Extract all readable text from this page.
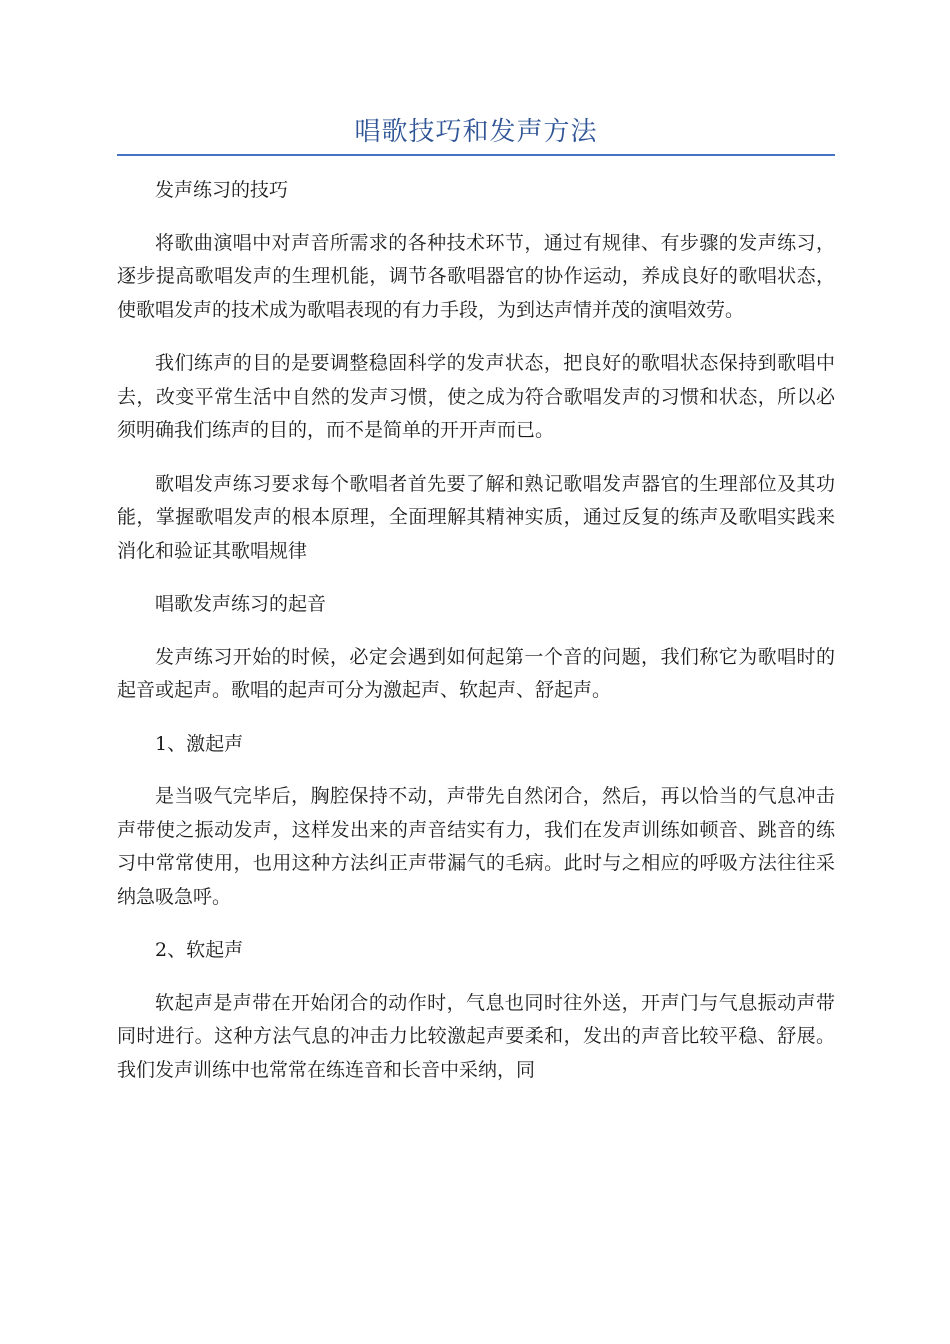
唱歌技巧和发声方法

发声练习的技巧

将歌曲演唱中对声音所需求的各种技术环节，通过有规律、有步骤的发声练习，逐步提高歌唱发声的生理机能，调节各歌唱器官的协作运动，养成良好的歌唱状态，使歌唱发声的技术成为歌唱表现的有力手段，为到达声情并茂的演唱效劳。

我们练声的目的是要调整稳固科学的发声状态，把良好的歌唱状态保持到歌唱中去，改变平常生活中自然的发声习惯，使之成为符合歌唱发声的习惯和状态，所以必须明确我们练声的目的，而不是简单的开开声而已。

歌唱发声练习要求每个歌唱者首先要了解和熟记歌唱发声器官的生理部位及其功能，掌握歌唱发声的根本原理，全面理解其精神实质，通过反复的练声及歌唱实践来消化和验证其歌唱规律

唱歌发声练习的起音

发声练习开始的时候，必定会遇到如何起第一个音的问题，我们称它为歌唱时的起音或起声。歌唱的起声可分为激起声、软起声、舒起声。

1、激起声

是当吸气完毕后，胸腔保持不动，声带先自然闭合，然后，再以恰当的气息冲击声带使之振动发声，这样发出来的声音结实有力，我们在发声训练如顿音、跳音的练习中常常使用，也用这种方法纠正声带漏气的毛病。此时与之相应的呼吸方法往往采纳急吸急呼。

2、软起声

软起声是声带在开始闭合的动作时，气息也同时往外送，开声门与气息振动声带同时进行。这种方法气息的冲击力比较激起声要柔和，发出的声音比较平稳、舒展。我们发声训练中也常常在练连音和长音中采纳，同
